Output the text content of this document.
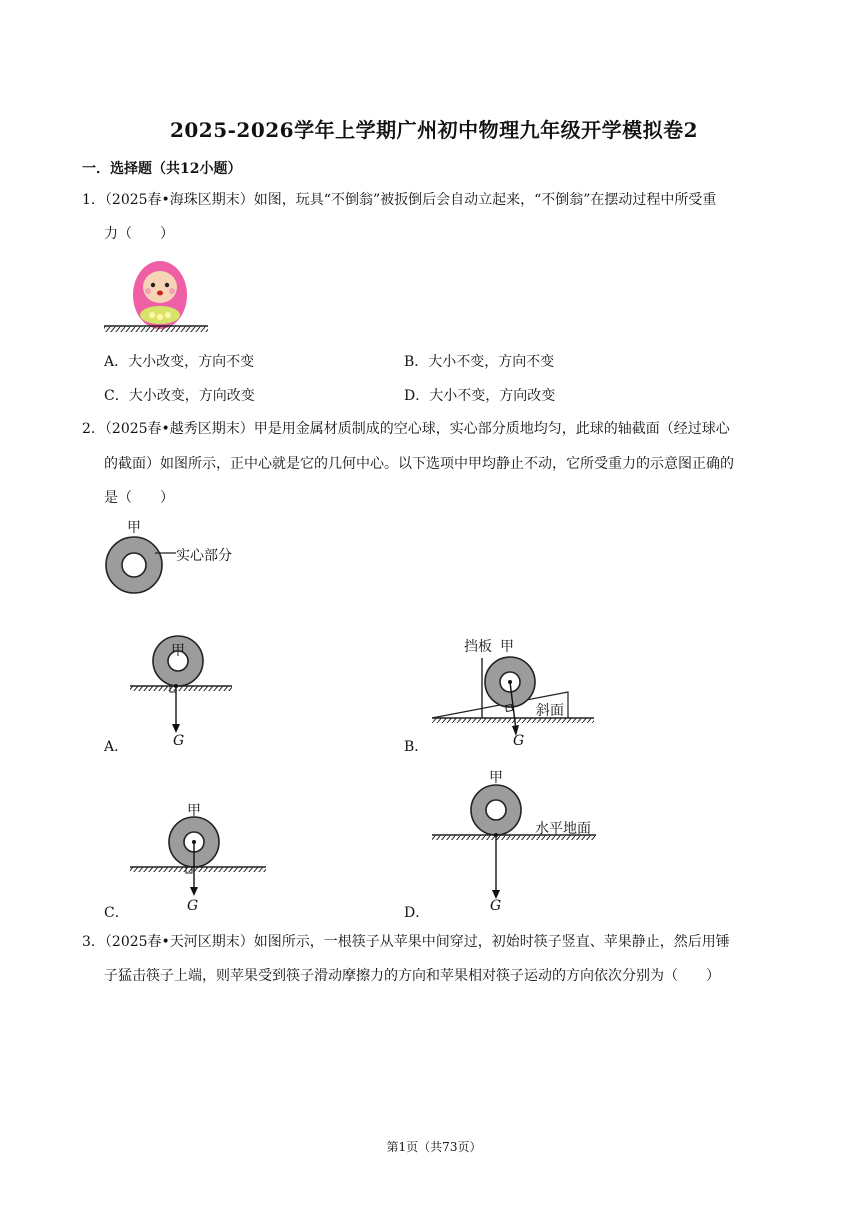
2025-2026学年上学期广州初中物理九年级开学模拟卷2
一．选择题（共12小题）
1．（2025春•海珠区期末）如图，玩具“不倒翁”被扳倒后会自动立起来，“不倒翁”在摆动过程中所受重
力（　　）
A．大小改变，方向不变	B．大小不变，方向不变
C．大小改变，方向改变	D．大小不变，方向改变
2．（2025春•越秀区期末）甲是用金属材质制成的空心球，实心部分质地均匀，此球的轴截面（经过球心
的截面）如图所示，正中心就是它的几何中心。以下选项中甲均静止不动，它所受重力的示意图正确的
是（　　）
甲
实心部分
甲
G
A．
挡板 甲
斜面
G
B．
甲
G
C．
甲
水平地面
G
D．
3．（2025春•天河区期末）如图所示，一根筷子从苹果中间穿过，初始时筷子竖直、苹果静止，然后用锤
子猛击筷子上端，则苹果受到筷子滑动摩擦力的方向和苹果相对筷子运动的方向依次分别为（　　）
第1页（共73页）
